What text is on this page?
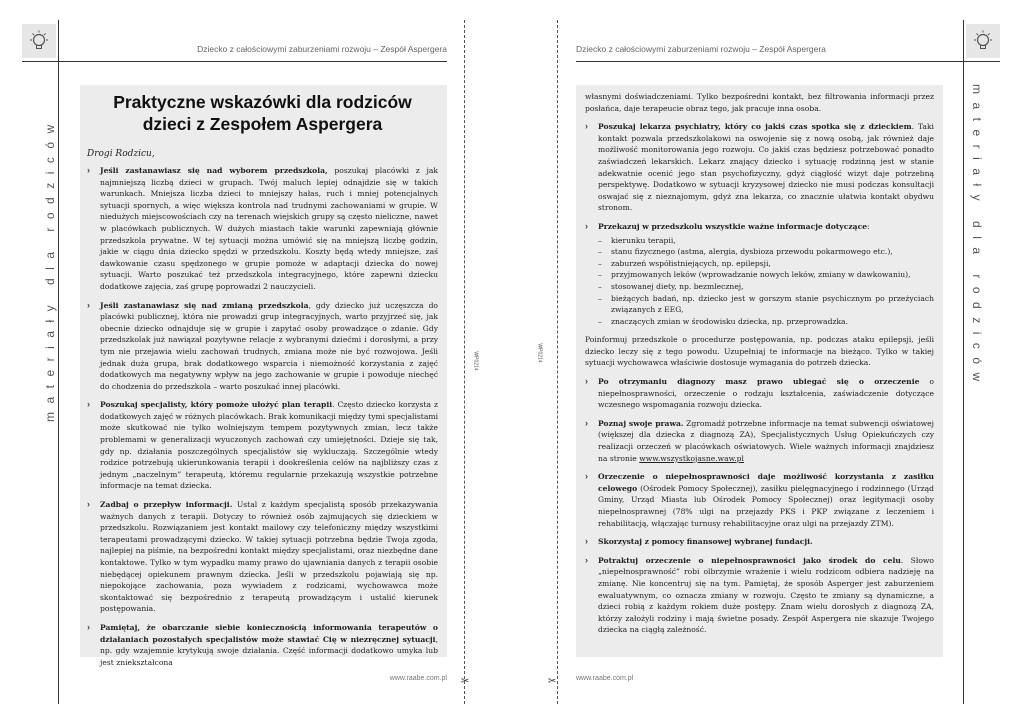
Dziecko z całościowymi zaburzeniami rozwoju – Zespół Aspergera	Dziecko z całościowymi zaburzeniami rozwoju – Zespół Aspergera
materiały dla rodziców	materiały dla rodziców
WP0214	WP0214
Praktyczne wskazówki dla rodziców
dzieci z Zespołem Aspergera
Drogi Rodzicu,
› Jeśli zastanawiasz się nad wyborem przedszkola, poszukaj placówki z jak najmniejszą liczbą dzieci w grupach. Twój maluch lepiej odnajdzie się w takich warunkach. Mniejsza liczba dzieci to mniejszy hałas, ruch i mniej potencjalnych sytuacji spornych, a więc większa kontrola nad trudnymi zachowaniami w grupie. W niedużych miejscowościach czy na terenach wiejskich grupy są często nieliczne, nawet w placówkach publicznych. W dużych miastach takie warunki zapewniają głównie przedszkola prywatne. W tej sytuacji można umówić się na mniejszą liczbę godzin, jakie w ciągu dnia dziecko spędzi w przedszkolu. Koszty będą wtedy mniejsze, zaś dawkowanie czasu spędzonego w grupie pomoże w adaptacji dziecka do nowej sytuacji. Warto poszukać też przedszkola integracyjnego, które zapewni dziecku dodatkowe zajęcia, zaś grupę poprowadzi 2 nauczycieli.
› Jeśli zastanawiasz się nad zmianą przedszkola, gdy dziecko już uczęszcza do placówki publicznej, która nie prowadzi grup integracyjnych, warto przyjrzeć się, jak obecnie dziecko odnajduje się w grupie i zapytać osoby prowadzące o zdanie. Gdy przedszkolak już nawiązał pozytywne relacje z wybranymi dziećmi i dorosłymi, a przy tym nie przejawia wielu zachowań trudnych, zmiana może nie być rozwojowa. Jeśli jednak duża grupa, brak dodatkowego wsparcia i niemożność korzystania z zajęć dodatkowych ma negatywny wpływ na jego zachowanie w grupie i powoduje niechęć do chodzenia do przedszkola – warto poszukać innej placówki.
› Poszukaj specjalisty, który pomoże ułożyć plan terapii. Często dziecko korzysta z dodatkowych zajęć w różnych placówkach. Brak komunikacji między tymi specjalistami może skutkować nie tylko wolniejszym tempem pozytywnych zmian, lecz także problemami w generalizacji wyuczonych zachowań czy umiejętności. Dzieje się tak, gdy np. działania poszczególnych specjalistów się wykluczają. Szczególnie wtedy rodzice potrzebują ukierunkowania terapii i dookreślenia celów na najbliższy czas z jednym „naczelnym” terapeutą, któremu regularnie przekazują wszystkie potrzebne informacje na temat dziecka.
› Zadbaj o przepływ informacji. Ustal z każdym specjalistą sposób przekazywania ważnych danych z terapii. Dotyczy to również osób zajmujących się dzieckiem w przedszkolu. Rozwiązaniem jest kontakt mailowy czy telefoniczny między wszystkimi terapeutami prowadzącymi dziecko. W takiej sytuacji potrzebna będzie Twoja zgoda, najlepiej na piśmie, na bezpośredni kontakt między specjalistami, oraz niezbędne dane kontaktowe. Tylko w tym wypadku mamy prawo do ujawniania danych z terapii osobie niebędącej opiekunem prawnym dziecka. Jeśli w przedszkolu pojawiają się np. niepokojące zachowania, poza wywiadem z rodzicami, wychowawca może skontaktować się bezpośrednio z terapeutą prowadzącym i ustalić kierunek postępowania.
› Pamiętaj, że obarczanie siebie koniecznością informowania terapeutów o działaniach pozostałych specjalistów może stawiać Cię w niezręcznej sytuacji, np. gdy wzajemnie krytykują swoje działania. Część informacji dodatkowo umyka lub jest zniekształcona
własnymi doświadczeniami. Tylko bezpośredni kontakt, bez filtrowania informacji przez posłańca, daje terapeucie obraz tego, jak pracuje inna osoba.
› Poszukaj lekarza psychiatry, który co jakiś czas spotka się z dzieckiem. Taki kontakt pozwala przedszkolakowi na oswojenie się z nową osobą, jak również daje możliwość monitorowania jego rozwoju. Co jakiś czas będziesz potrzebować ponadto zaświadczeń lekarskich. Lekarz znający dziecko i sytuację rodzinną jest w stanie adekwatnie ocenić jego stan psychofizyczny, gdyż ciągłość wizyt daje potrzebną perspektywę. Dodatkowo w sytuacji kryzysowej dziecko nie musi podczas konsultacji oswajać się z nieznajomym, gdyż zna lekarza, co znacznie ułatwia kontakt obydwu stronom.
› Przekazuj w przedszkolu wszystkie ważne informacje dotyczące:
– kierunku terapii,
– stanu fizycznego (astma, alergia, dysbioza przewodu pokarmowego etc.),
– zaburzeń współistniejących, np. epilepsji,
– przyjmowanych leków (wprowadzanie nowych leków, zmiany w dawkowaniu),
– stosowanej diety, np. bezmlecznej,
– bieżących badań, np. dziecko jest w gorszym stanie psychicznym po przeżyciach związanych z EEG,
– znaczących zmian w środowisku dziecka, np. przeprowadzka.
Poinformuj przedszkole o procedurze postępowania, np. podczas ataku epilepsji, jeśli dziecko leczy się z tego powodu. Uzupełniaj te informacje na bieżąco. Tylko w takiej sytuacji wychowawca właściwie dostosuje wymagania do potrzeb dziecka.
› Po otrzymaniu diagnozy masz prawo ubiegać się o orzeczenie o niepełnosprawności, orzeczenie o rodzaju kształcenia, zaświadczenie dotyczące wczesnego wspomagania rozwoju dziecka.
› Poznaj swoje prawa. Zgromadź potrzebne informacje na temat subwencji oświatowej (większej dla dziecka z diagnozą ZA), Specjalistycznych Usług Opiekuńczych czy realizacji orzeczeń w placówkach oświatowych. Wiele ważnych informacji znajdziesz na stronie www.wszystkojasne.waw.pl
› Orzeczenie o niepełnosprawności daje możliwość korzystania z zasiłku celowego (Ośrodek Pomocy Społecznej), zasiłku pielęgnacyjnego i rodzinnego (Urząd Gminy, Urząd Miasta lub Ośrodek Pomocy Społecznej) oraz legitymacji osoby niepełnosprawnej (78% ulgi na przejazdy PKS i PKP związane z leczeniem i rehabilitacją, włączając turnusy rehabilitacyjne oraz ulgi na przejazdy ZTM).
› Skorzystaj z pomocy finansowej wybranej fundacji.
› Potraktuj orzeczenie o niepełnosprawności jako środek do celu. Słowo „niepełnosprawność” robi olbrzymie wrażenie i wielu rodzicom odbiera nadzieję na zmianę. Nie koncentruj się na tym. Pamiętaj, że sposób Asperger jest zaburzeniem ewaluatywnym, co oznacza zmiany w rozwoju. Często te zmiany są dynamiczne, a dzieci robią z każdym rokiem duże postępy. Znam wielu dorosłych z diagnozą ZA, którzy założyli rodziny i mają świetne posady. Zespół Aspergera nie skazuje Twojego dziecka na ciągłą zależność.
www.raabe.com.pl	www.raabe.com.pl
✂	✂
